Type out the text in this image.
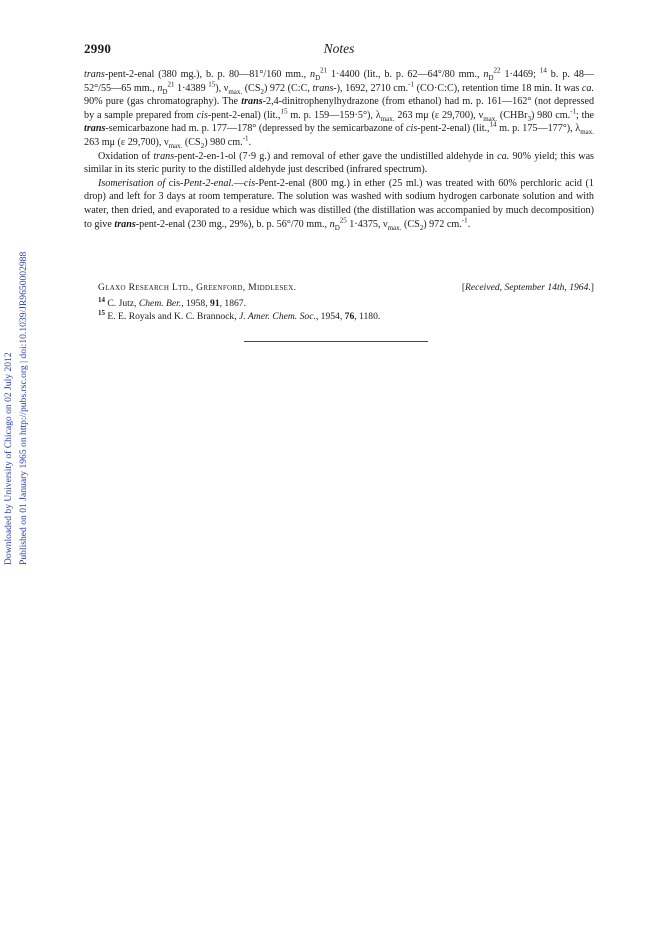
Downloaded by University of Chicago on 02 July 2012 Published on 01 January 1965 on http://pubs.rsc.org | doi:10.1039/JR9650002988
2990	Notes

trans-pent-2-enal (380 mg.), b. p. 80—81°/160 mm., $n_D^{21}$ 1·4400 (lit., b. p. 62—64°/80 mm., $n_D^{22}$ 1·4469; $^{14}$ b. p. 48—52°/55—65 mm., $n_D^{21}$ 1·4389 $^{15}$), $\nu_{max.}$ $(CS_2)$ 972 (C:C, trans-), 1692, 2710 cm.$^{-1}$ (CO·C:C), retention time 18 min. It was ca. 90% pure (gas chromatography). The trans-2,4-dinitrophenylhydrazone (from ethanol) had m. p. 161—162° (not depressed by a sample prepared from cis-pent-2-enal) (lit.,$^{15}$ m. p. 159—159·5°), $\lambda_{max.}$ 263 mμ (ε 29,700), $\nu_{max.}$ (CHBr$_3$) 980 cm.$^{-1}$; the trans-semicarbazone had m. p. 177—178° (depressed by the semicarbazone of cis-pent-2-enal) (lit.,$^{14}$ m. p. 175—177°), $\lambda_{max.}$ 263 mμ (ε 29,700), $\nu_{max.}$ $(CS_2)$ 980 cm.$^{-1}$.

Oxidation of trans-pent-2-en-1-ol (7·9 g.) and removal of ether gave the undistilled aldehyde in ca. 90% yield; this was similar in its steric purity to the distilled aldehyde just described (infrared spectrum).

Isomerisation of cis-Pent-2-enal.—cis-Pent-2-enal (800 mg.) in ether (25 ml.) was treated with 60% perchloric acid (1 drop) and left for 3 days at room temperature. The solution was washed with sodium hydrogen carbonate solution and with water, then dried, and evaporated to a residue which was distilled (the distillation was accompanied by much decomposition) to give trans-pent-2-enal (230 mg., 29%), b. p. 56°/70 mm., $n_D^{25}$ 1·4375, $\nu_{max.}$ $(CS_2)$ 972 cm.$^{-1}$.

Glaxo Research Ltd., Greenford, Middlesex.	[Received, September 14th, 1964.]
$^{14}$ C. Jutz, Chem. Ber., 1958, 91, 1867.
$^{15}$ E. E. Royals and K. C. Brannock, J. Amer. Chem. Soc., 1954, 76, 1180.
